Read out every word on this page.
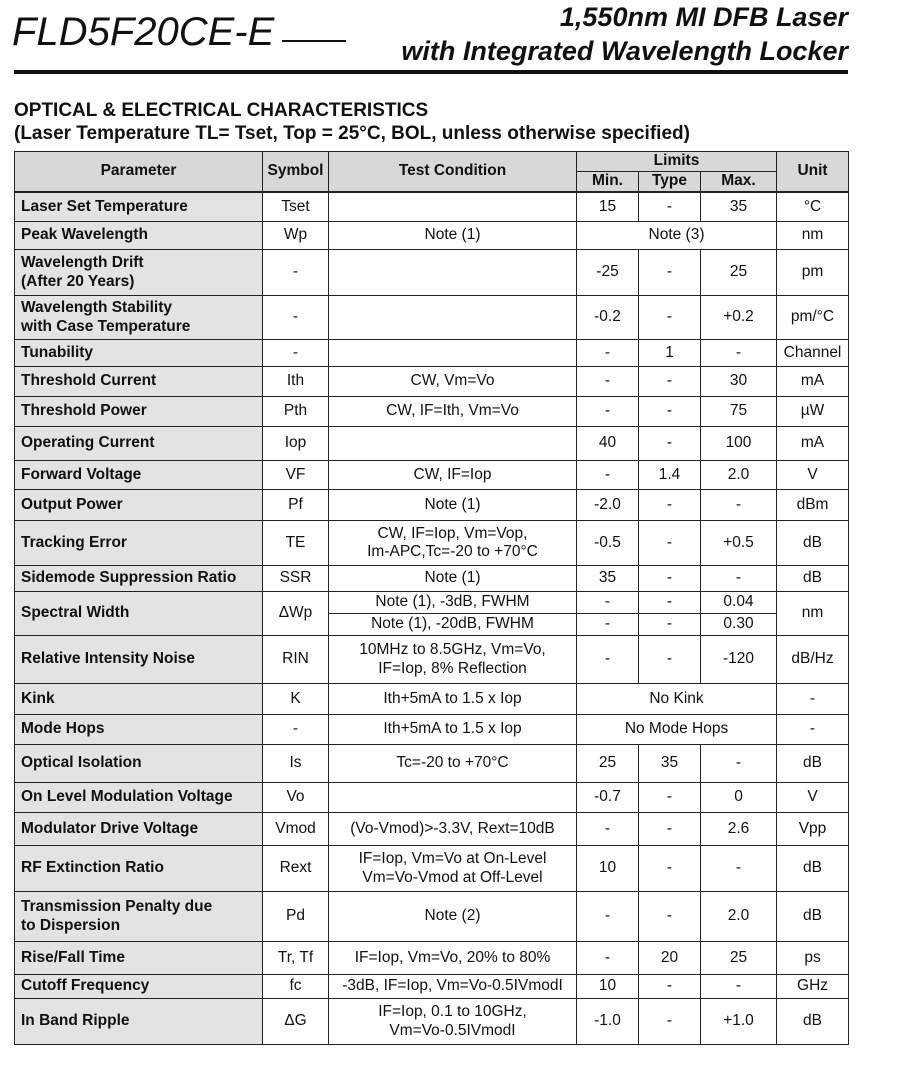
FLD5F20CE-E	1,550nm MI DFB Laser
with Integrated Wavelength Locker
OPTICAL & ELECTRICAL CHARACTERISTICS
(Laser Temperature TL= Tset, Top = 25°C, BOL, unless otherwise specified)
Parameter	Symbol	Test Condition	Limits			Unit
			Min.	Type	Max.	
Laser Set Temperature	Tset		15	-	35	°C
Peak Wavelength	Wp	Note (1)	Note (3)			nm
Wavelength Drift
(After 20 Years)	-		-25	-	25	pm
Wavelength Stability
with Case Temperature	-		-0.2	-	+0.2	pm/°C
Tunability	-		-	1	-	Channel
Threshold Current	Ith	CW, Vm=Vo	-	-	30	mA
Threshold Power	Pth	CW, IF=Ith, Vm=Vo	-	-	75	µW
Operating Current	Iop		40	-	100	mA
Forward Voltage	VF	CW, IF=Iop	-	1.4	2.0	V
Output Power	Pf	Note (1)	-2.0	-	-	dBm
Tracking Error	TE	CW, IF=Iop, Vm=Vop,
Im-APC,Tc=-20 to +70°C	-0.5	-	+0.5	dB
Sidemode Suppression Ratio	SSR	Note (1)	35	-	-	dB
Spectral Width	ΔWp	Note (1), -3dB, FWHM	-	-	0.04	nm
		Note (1), -20dB, FWHM	-	-	0.30	
Relative Intensity Noise	RIN	10MHz to 8.5GHz, Vm=Vo,
IF=Iop, 8% Reflection	-	-	-120	dB/Hz
Kink	K	Ith+5mA to 1.5 x Iop	No Kink			-
Mode Hops	-	Ith+5mA to 1.5 x Iop	No Mode Hops			-
Optical Isolation	Is	Tc=-20 to +70°C	25	35	-	dB
On Level Modulation Voltage	Vo		-0.7	-	0	V
Modulator Drive Voltage	Vmod	(Vo-Vmod)>-3.3V, Rext=10dB	-	-	2.6	Vpp
RF Extinction Ratio	Rext	IF=Iop, Vm=Vo at On-Level
Vm=Vo-Vmod at Off-Level	10	-	-	dB
Transmission Penalty due
to Dispersion	Pd	Note (2)	-	-	2.0	dB
Rise/Fall Time	Tr, Tf	IF=Iop, Vm=Vo, 20% to 80%	-	20	25	ps
Cutoff Frequency	fc	-3dB, IF=Iop, Vm=Vo-0.5IVmodI	10	-	-	GHz
In Band Ripple	ΔG	IF=Iop, 0.1 to 10GHz,
Vm=Vo-0.5IVmodI	-1.0	-	+1.0	dB
